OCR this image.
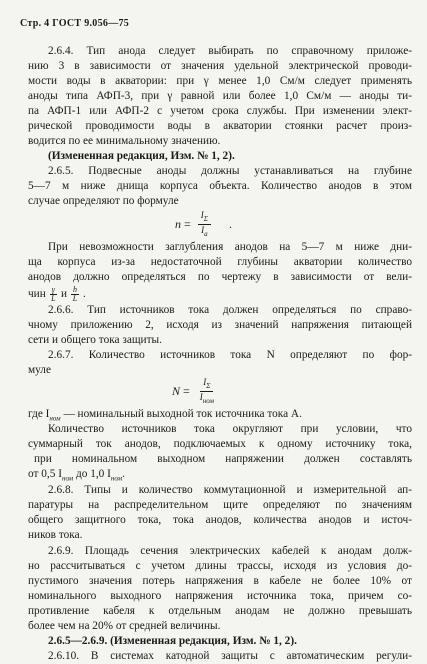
Стр. 4 ГОСТ 9.056—75
2.6.4. Тип анода следует выбирать по справочному приложе-
нию 3 в зависимости от значения удельной электрической проводи-
мости воды в акватории: при γ менее 1,0 См/м следует применять
аноды типа АФП-3, при γ равной или более 1,0 См/м — аноды ти-
па АФП-1 или АФП-2 с учетом срока службы. При изменении элект-
рической проводимости воды в акватории стоянки расчет произ-
водится по ее минимальному значению.
(Измененная редакция, Изм. № 1, 2).
2.6.5. Подвесные аноды должны устанавливаться на глубине
5—7 м ниже днища корпуса объекта. Количество анодов в этом
случае определяют по формуле
$n = \frac{I_\Sigma}{I_а}$ .
При невозможности заглубления анодов на 5—7 м ниже дни-
ща корпуса из-за недостаточной глубины акватории количество
анодов должно определяться по чертежу в зависимости от вели-
чин $\frac{\gamma}{L}$ и $\frac{h}{L}$ .
2.6.6. Тип источников тока должен определяться по справо-
чному приложению 2, исходя из значений напряжения питающей
сети и общего тока защиты.
2.6.7. Количество источников тока N определяют по фор-
муле
$N = \frac{I_\Sigma}{I_{ном}}$
где $I_{ном}$ — номинальный выходной ток источника тока А.
Количество источников тока округляют при условии, что
суммарный ток анодов, подключаемых к одному источнику тока,
при номинальном выходном напряжении должен составлять
от 0,5 $I_{ном}$ до 1,0 $I_{ном}$.
2.6.8. Типы и количество коммутационной и измерительной ап-
паратуры на распределительном щите определяют по значениям
общего защитного тока, тока анодов, количества анодов и источ-
ников тока.
2.6.9. Площадь сечения электрических кабелей к анодам долж-
но рассчитываться с учетом длины трассы, исходя из условия до-
пустимого значения потерь напряжения в кабеле не более 10% от
номинального выходного напряжения источника тока, причем со-
противление кабеля к отдельным анодам не должно превышать
более чем на 20% от средней величины.
2.6.5—2.6.9. (Измененная редакция, Изм. № 1, 2).
2.6.10. В системах катодной защиты с автоматическим регули-
